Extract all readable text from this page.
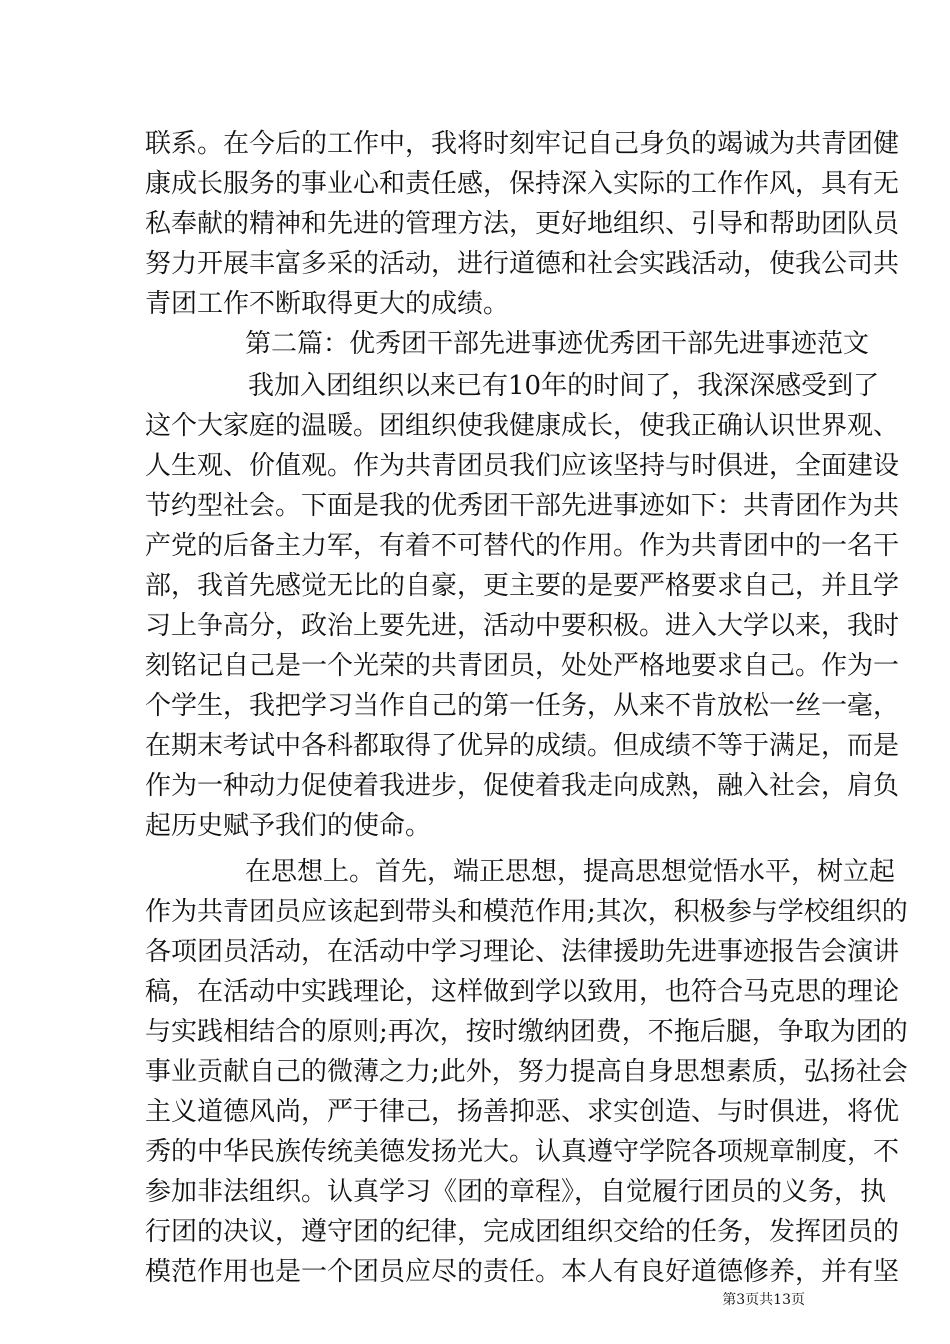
联系。在今后的工作中，我将时刻牢记自己身负的竭诚为共青团健
康成长服务的事业心和责任感，保持深入实际的工作作风，具有无
私奉献的精神和先进的管理方法，更好地组织、引导和帮助团队员
努力开展丰富多采的活动，进行道德和社会实践活动，使我公司共
青团工作不断取得更大的成绩。
第二篇：优秀团干部先进事迹优秀团干部先进事迹范文
我加入团组织以来已有10年的时间了，我深深感受到了
这个大家庭的温暖。团组织使我健康成长，使我正确认识世界观、
人生观、价值观。作为共青团员我们应该坚持与时俱进，全面建设
节约型社会。下面是我的优秀团干部先进事迹如下：共青团作为共
产党的后备主力军，有着不可替代的作用。作为共青团中的一名干
部，我首先感觉无比的自豪，更主要的是要严格要求自己，并且学
习上争高分，政治上要先进，活动中要积极。进入大学以来，我时
刻铭记自己是一个光荣的共青团员，处处严格地要求自己。作为一
个学生，我把学习当作自己的第一任务，从来不肯放松一丝一毫，
在期末考试中各科都取得了优异的成绩。但成绩不等于满足，而是
作为一种动力促使着我进步，促使着我走向成熟，融入社会，肩负
起历史赋予我们的使命。
在思想上。首先，端正思想，提高思想觉悟水平，树立起
作为共青团员应该起到带头和模范作用;其次，积极参与学校组织的
各项团员活动，在活动中学习理论、法律援助先进事迹报告会演讲
稿，在活动中实践理论，这样做到学以致用，也符合马克思的理论
与实践相结合的原则;再次，按时缴纳团费，不拖后腿，争取为团的
事业贡献自己的微薄之力;此外，努力提高自身思想素质，弘扬社会
主义道德风尚，严于律己，扬善抑恶、求实创造、与时俱进，将优
秀的中华民族传统美德发扬光大。认真遵守学院各项规章制度，不
参加非法组织。认真学习《团的章程》，自觉履行团员的义务，执
行团的决议，遵守团的纪律，完成团组织交给的任务，发挥团员的
模范作用也是一个团员应尽的责任。本人有良好道德修养，并有坚
第3页共13页
